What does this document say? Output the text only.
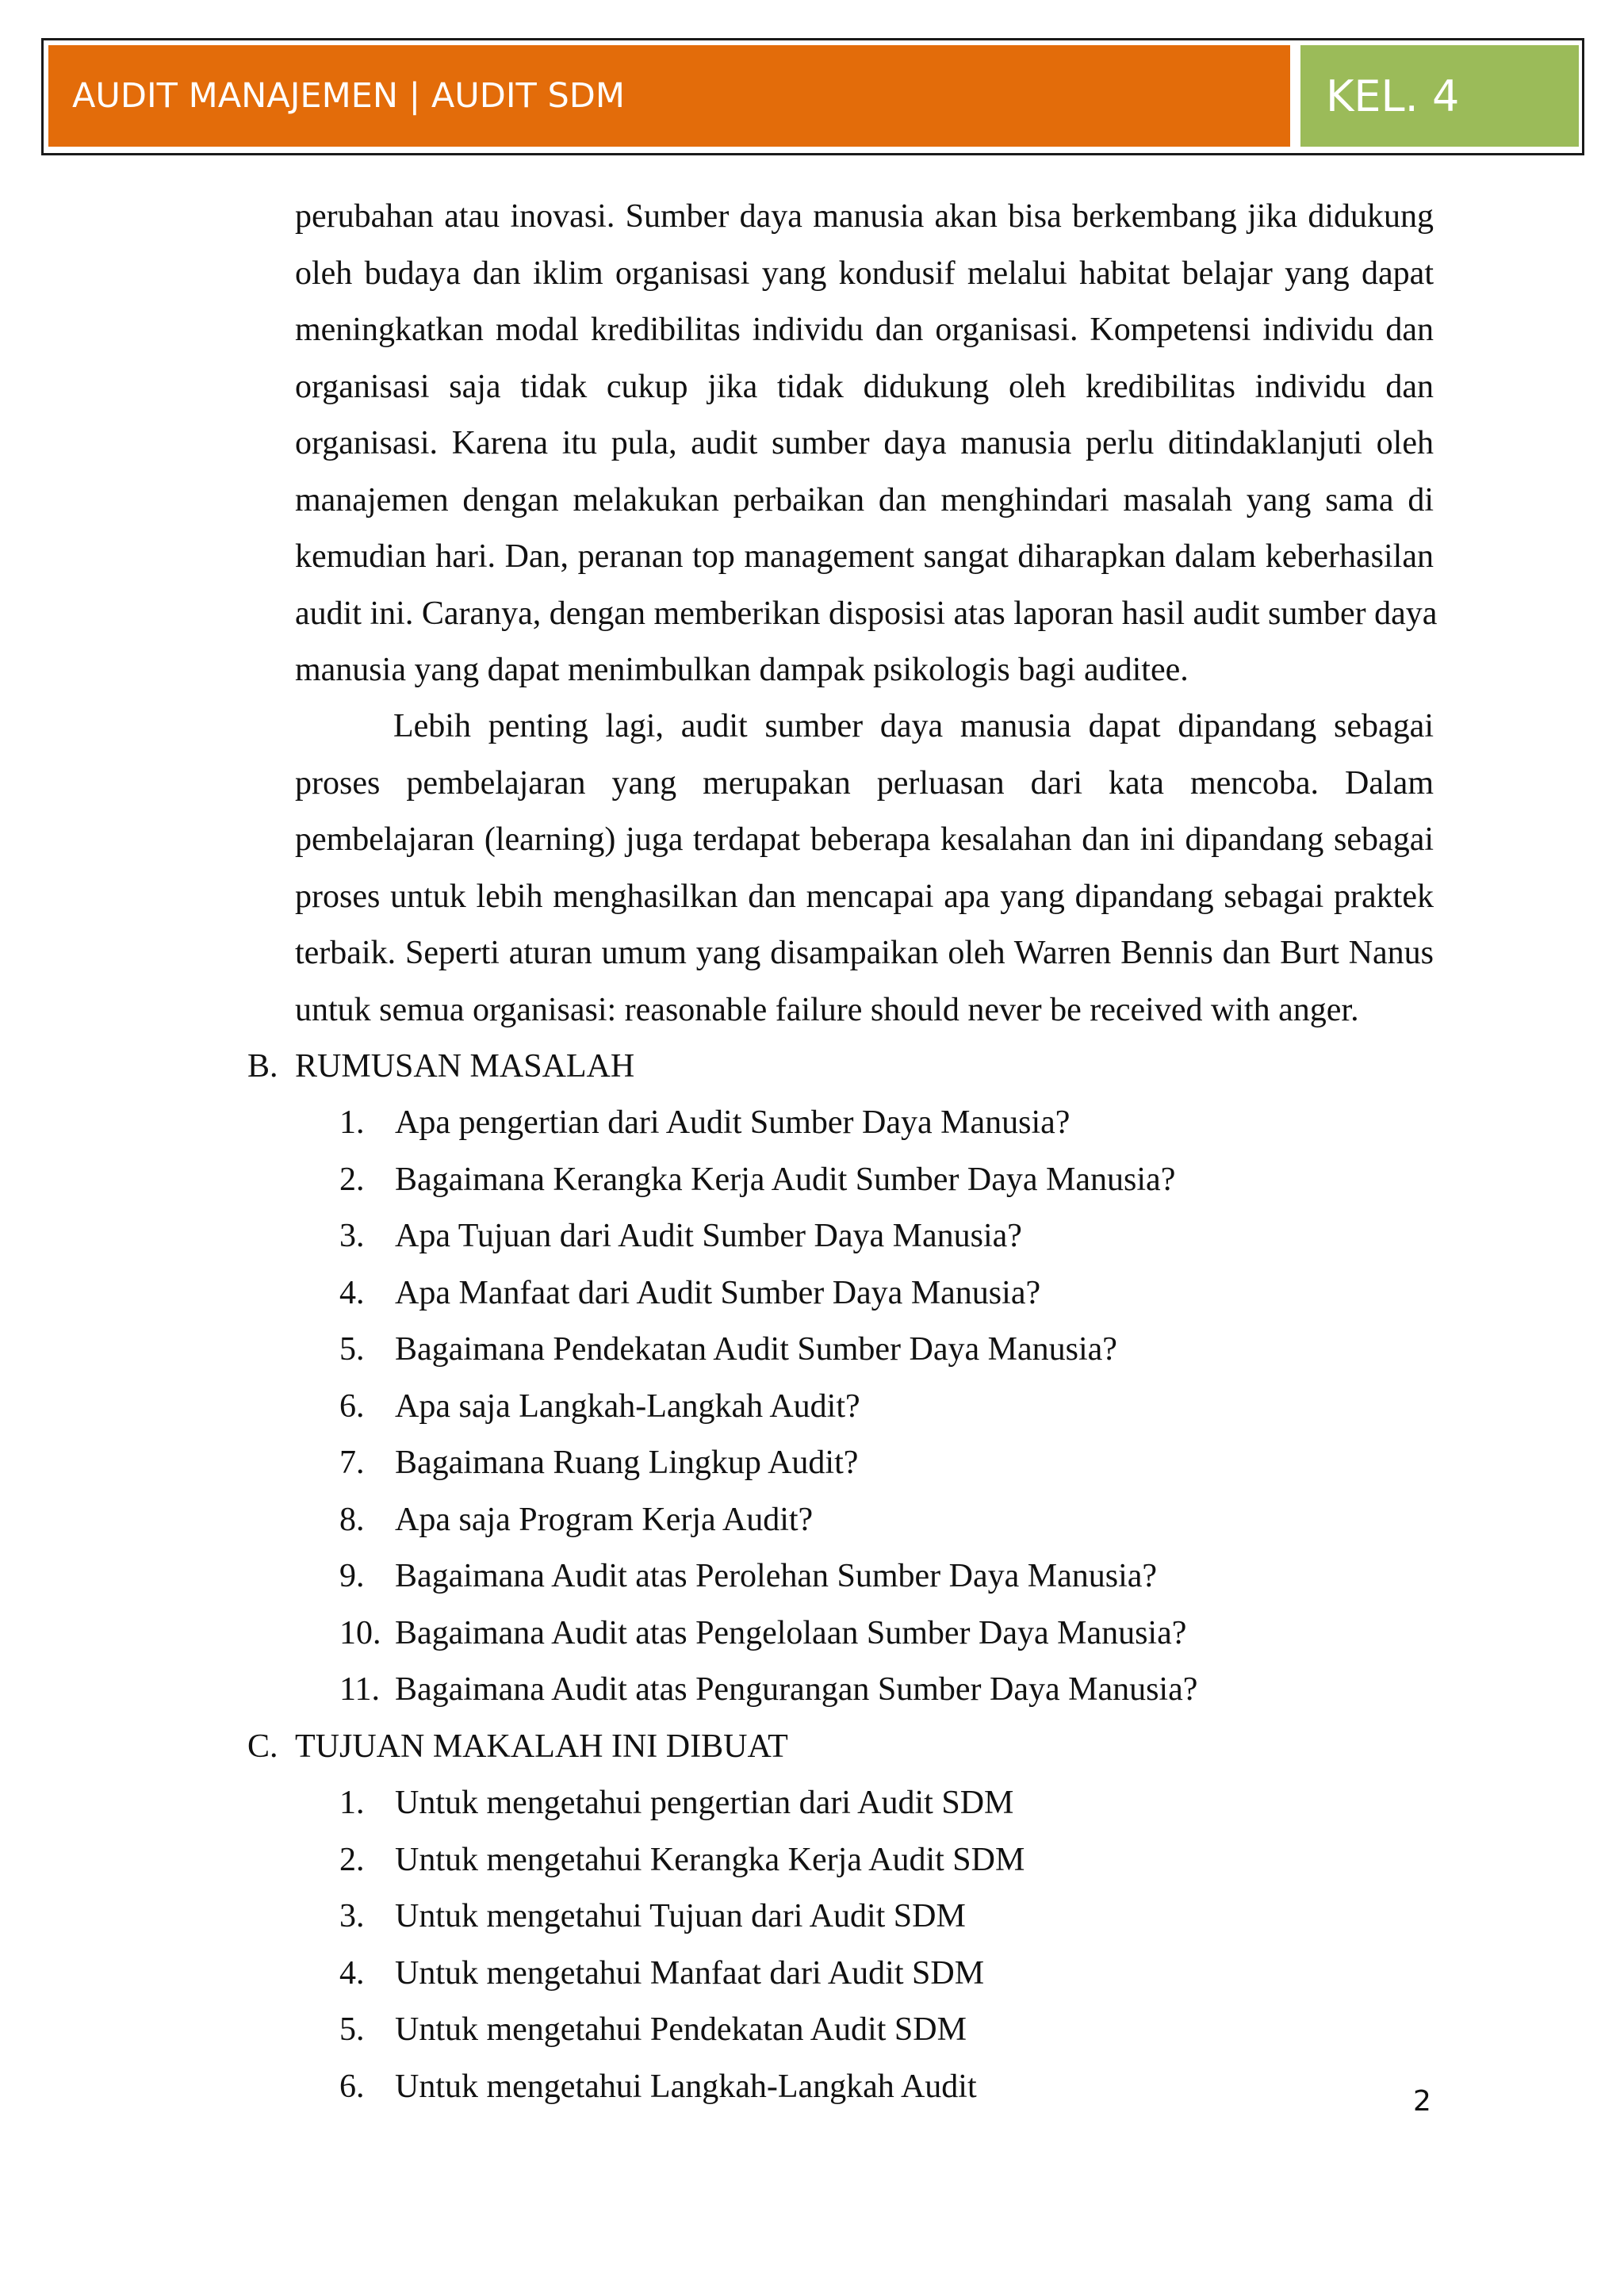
AUDIT MANAJEMEN | AUDIT SDM	KEL. 4
perubahan atau inovasi. Sumber daya manusia akan bisa berkembang jika didukung
oleh budaya dan iklim organisasi yang kondusif melalui habitat belajar yang dapat
meningkatkan modal kredibilitas individu dan organisasi. Kompetensi individu dan
organisasi saja tidak cukup jika tidak didukung oleh kredibilitas individu dan
organisasi. Karena itu pula, audit sumber daya manusia perlu ditindaklanjuti oleh
manajemen dengan melakukan perbaikan dan menghindari masalah yang sama di
kemudian hari. Dan, peranan top management sangat diharapkan dalam keberhasilan
audit ini. Caranya, dengan memberikan disposisi atas laporan hasil audit sumber daya
manusia yang dapat menimbulkan dampak psikologis bagi auditee.
Lebih penting lagi, audit sumber daya manusia dapat dipandang sebagai
proses pembelajaran yang merupakan perluasan dari kata mencoba. Dalam
pembelajaran (learning) juga terdapat beberapa kesalahan dan ini dipandang sebagai
proses untuk lebih menghasilkan dan mencapai apa yang dipandang sebagai praktek
terbaik. Seperti aturan umum yang disampaikan oleh Warren Bennis dan Burt Nanus
untuk semua organisasi: reasonable failure should never be received with anger.
B. RUMUSAN MASALAH
1. Apa pengertian dari Audit Sumber Daya Manusia?
2. Bagaimana Kerangka Kerja Audit Sumber Daya Manusia?
3. Apa Tujuan dari Audit Sumber Daya Manusia?
4. Apa Manfaat dari Audit Sumber Daya Manusia?
5. Bagaimana Pendekatan Audit Sumber Daya Manusia?
6. Apa saja Langkah-Langkah Audit?
7. Bagaimana Ruang Lingkup Audit?
8. Apa saja Program Kerja Audit?
9. Bagaimana Audit atas Perolehan Sumber Daya Manusia?
10. Bagaimana Audit atas Pengelolaan Sumber Daya Manusia?
11. Bagaimana Audit atas Pengurangan Sumber Daya Manusia?
C. TUJUAN MAKALAH INI DIBUAT
1. Untuk mengetahui pengertian dari Audit SDM
2. Untuk mengetahui Kerangka Kerja Audit SDM
3. Untuk mengetahui Tujuan dari Audit SDM
4. Untuk mengetahui Manfaat dari Audit SDM
5. Untuk mengetahui Pendekatan Audit SDM
6. Untuk mengetahui Langkah-Langkah Audit	2
